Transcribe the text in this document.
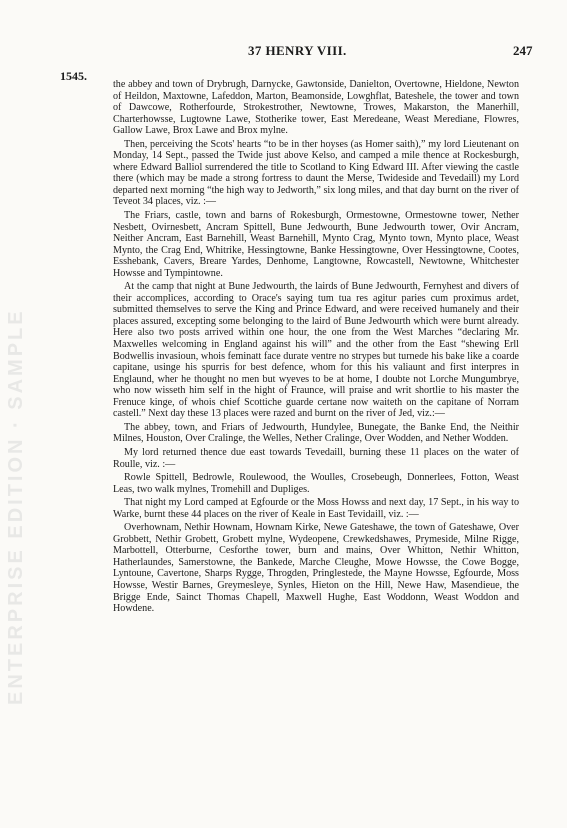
37 HENRY VIII.	247
1545.

the abbey and town of Drybrugh, Darnycke, Gawtonside, Danielton, Overtowne, Hieldone, Newton of Heildon, Maxtowne, Lafeddon, Marton, Beamonside, Lowghflat, Bateshele, the tower and town of Dawcowe, Rotherfourde, Strokestrother, Newtowne, Trowes, Makarston, the Manerhill, Charterhowsse, Lugtowne Lawe, Stotherike tower, East Meredeane, Weast Merediane, Flowres, Gallow Lawe, Brox Lawe and Brox mylne.

Then, perceiving the Scots' hearts “to be in ther hoyses (as Homer saith),” my lord Lieutenant on Monday, 14 Sept., passed the Twide just above Kelso, and camped a mile thence at Rockesburgh, where Edward Balliol surrendered the title to Scotland to King Edward III. After viewing the castle there (which may be made a strong fortress to daunt the Merse, Twideside and Tevedaill) my Lord departed next morning “the high way to Jedworth,” six long miles, and that day burnt on the river of Teveot 34 places, viz. :—

The Friars, castle, town and barns of Rokesburgh, Ormestowne, Ormestowne tower, Nether Nesbett, Ovirnesbett, Ancram Spittell, Bune Jedwourth, Bune Jedwourth tower, Ovir Ancram, Neither Ancram, East Barnehill, Weast Barnehill, Mynto Crag, Mynto town, Mynto place, Weast Mynto, the Crag End, Whitrike, Hessingtowne, Banke Hessingtowne, Over Hessingtowne, Cootes, Esshebank, Cavers, Breare Yardes, Denhome, Langtowne, Rowcastell, Newtowne, Whitchester Howsse and Tympintowne.

At the camp that night at Bune Jedwourth, the lairds of Bune Jedwourth, Fernyhest and divers of their accomplices, according to Orace's saying tum tua res agitur paries cum proximus ardet, submitted themselves to serve the King and Prince Edward, and were received humanely and their places assured, excepting some belonging to the laird of Bune Jedwourth which were burnt already. Here also two posts arrived within one hour, the one from the West Marches “declaring Mr. Maxwelles welcoming in England against his will” and the other from the East “shewing Erll Bodwellis invasioun, whois feminatt face durate ventre no strypes but turnede his bake like a coarde capitane, usinge his spurris for best defence, whom for this his valiaunt and first interpres in Englaund, wher he thought no men but wyeves to be at home, I doubte not Lorche Mungumbrye, who now wisseth him self in the hight of Fraunce, will praise and writ shortlie to his master the Frenuce kinge, of whois chief Scottiche guarde certane now waiteth on the capitane of Norram castell.” Next day these 13 places were razed and burnt on the river of Jed, viz.:—

The abbey, town, and Friars of Jedwourth, Hundylee, Bunegate, the Banke End, the Neithir Milnes, Houston, Over Cralinge, the Welles, Nether Cralinge, Over Wodden, and Nether Wodden.

My lord returned thence due east towards Tevedaill, burning these 11 places on the water of Roulle, viz. :—

Rowle Spittell, Bedrowle, Roulewood, the Woulles, Crosebeugh, Donnerlees, Fotton, Weast Leas, two walk mylnes, Tromehill and Dupliges.

That night my Lord camped at Egfourde or the Moss Howss and next day, 17 Sept., in his way to Warke, burnt these 44 places on the river of Keale in East Tevidaill, viz. :—

Overhownam, Nethir Hownam, Hownam Kirke, Newe Gateshawe, the town of Gateshawe, Over Grobbett, Nethir Grobett, Grobett mylne, Wydeopene, Crewkedshawes, Prymeside, Milne Rigge, Marbottell, Otterburne, Cesforthe tower, burn and mains, Over Whitton, Nethir Whitton, Hatherlaundes, Samerstowne, the Bankede, Marche Cleughe, Mowe Howsse, the Cowe Bogge, Lyntoune, Cavertone, Sharps Rygge, Throgden, Pringlestede, the Mayne Howsse, Egfourde, Moss Howsse, Westir Barnes, Greymesleye, Synles, Hieton on the Hill, Newe Haw, Masendieue, the Brigge Ende, Sainct Thomas Chapell, Maxwell Hughe, East Woddonn, Weast Woddon and Howdene.

ENTERPRISE EDITION · SAMPLE
